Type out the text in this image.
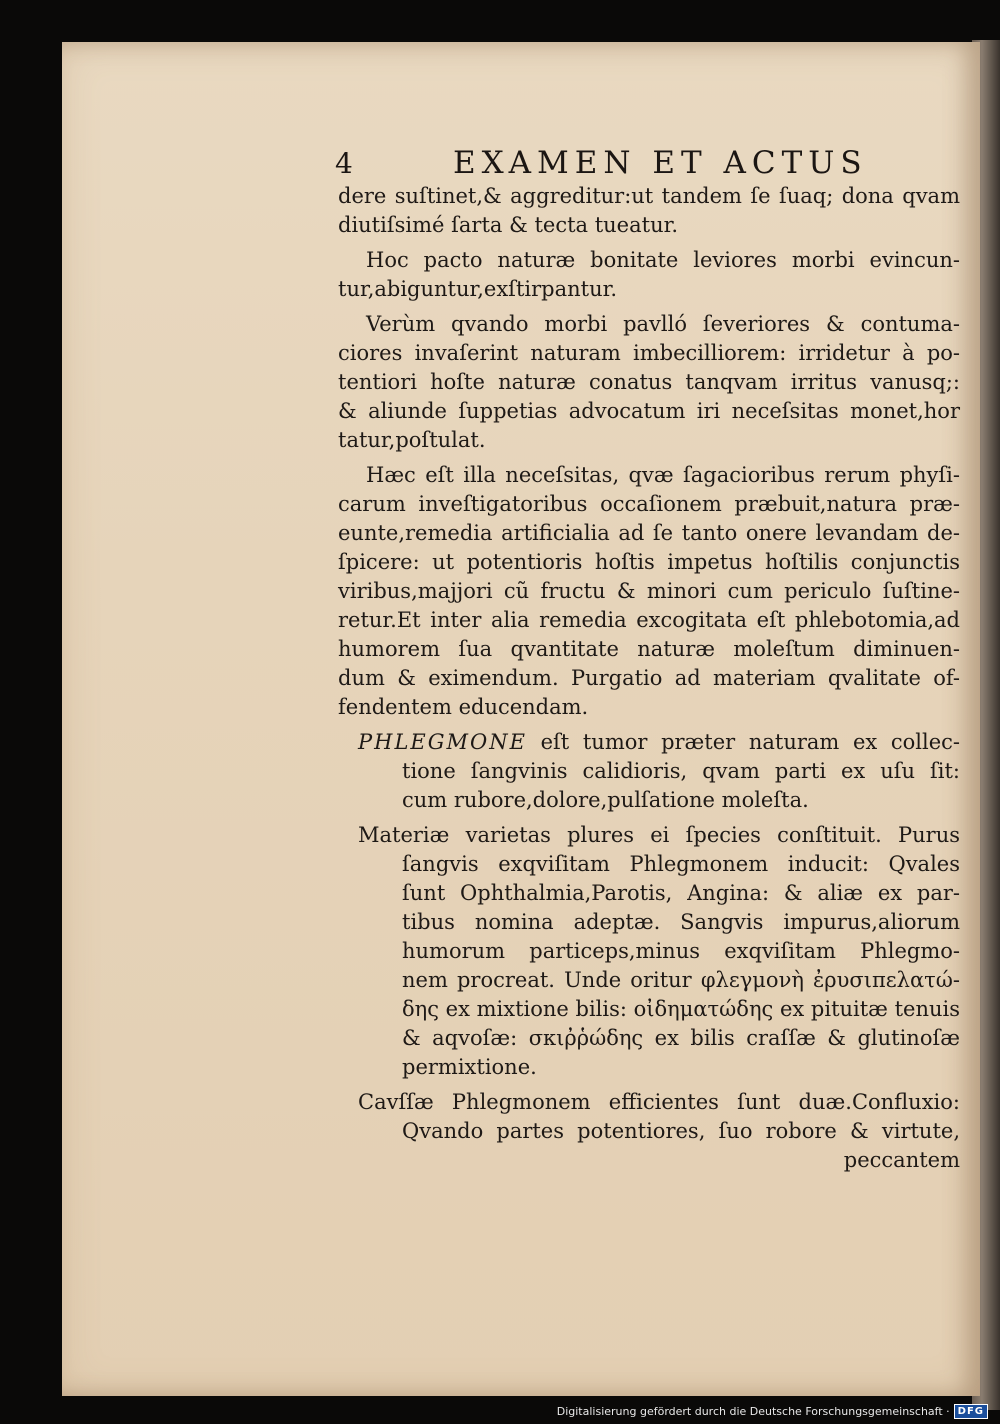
4	EXAMEN ET ACTUS
dere suſtinet,& aggreditur:ut tandem ſe ſuaq; dona qvam
diutiſsimé ſarta & tecta tueatur.
Hoc pacto naturæ bonitate leviores morbi evincun-
tur,abiguntur,exſtirpantur.
Verùm qvando morbi pavlló ſeveriores & contuma-
ciores invaſerint naturam imbecilliorem: irridetur à po-
tentiori hoſte naturæ conatus tanqvam irritus vanusq;:
& aliunde ſuppetias advocatum iri neceſsitas monet,hor
tatur,poſtulat.
Hæc eſt illa neceſsitas, qvæ ſagacioribus rerum phyſi-
carum inveſtigatoribus occaſionem præbuit,natura præ-
eunte,remedia artificialia ad ſe tanto onere levandam de-
ſpicere: ut potentioris hoſtis impetus hoſtilis conjunctis
viribus,majjori cũ fructu & minori cum periculo ſuſtine-
retur.Et inter alia remedia excogitata eſt phlebotomia,ad
humorem ſua qvantitate naturæ moleſtum diminuen-
dum & eximendum. Purgatio ad materiam qvalitate of-
fendentem educendam.
PHLEGMONE eſt tumor præter naturam ex collec-
tione ſangvinis calidioris, qvam parti ex uſu ſit:
cum rubore,dolore,pulſatione moleſta.
Materiæ varietas plures ei ſpecies conſtituit. Purus
ſangvis exqviſitam Phlegmonem inducit: Qvales
ſunt Ophthalmia,Parotis, Angina: & aliæ ex par-
tibus nomina adeptæ. Sangvis impurus,aliorum
humorum particeps,minus exqviſitam Phlegmo-
nem procreat. Unde oritur φλεγμονὴ ἐρυσιπελατώ-
δης ex mixtione bilis: οἰδηματώδης ex pituitæ tenuis
& aqvoſæ: σκιῤῥώδης ex bilis craſſæ & glutinoſæ
permixtione.
Cavſſæ Phlegmonem efficientes ſunt duæ.Confluxio:
Qvando partes potentiores, ſuo robore & virtute,
peccantem
Digitalisierung gefördert durch die Deutsche Forschungsgemeinschaft · DFG
